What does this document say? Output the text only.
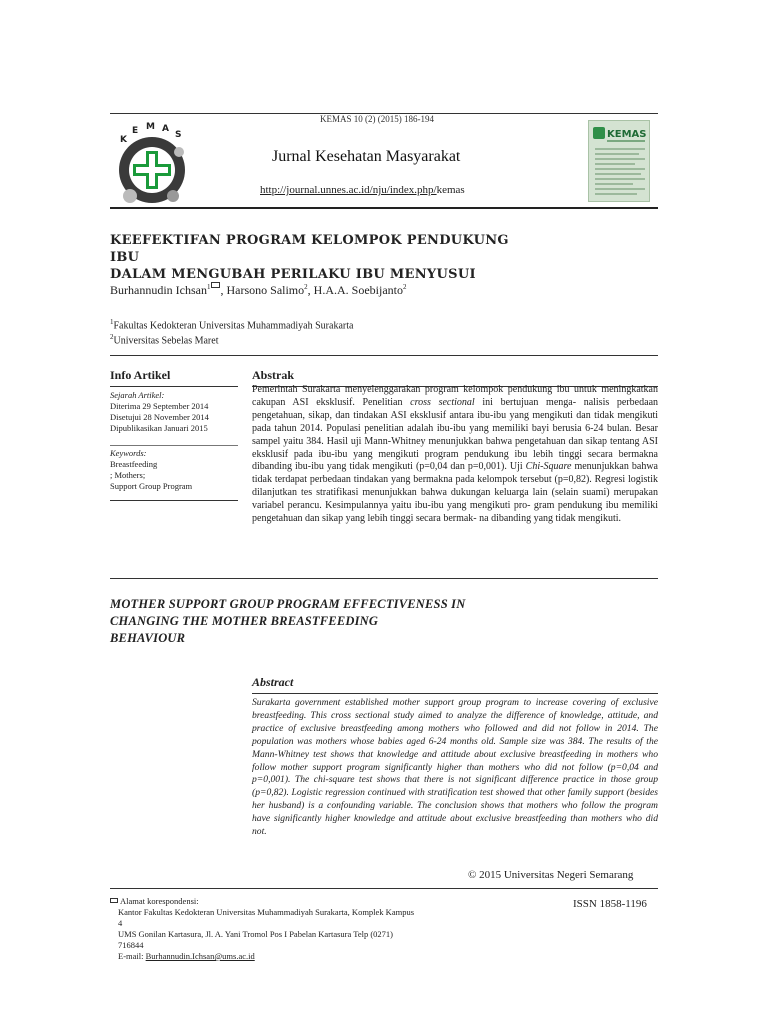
K E M A S
KEMAS 10 (2) (2015) 186-194
Jurnal Kesehatan Masyarakat
http://journal.unnes.ac.id/nju/index.php/kemas
KEMAS
KEEFEKTIFAN PROGRAM KELOMPOK PENDUKUNG IBU
DALAM MENGUBAH PERILAKU IBU MENYUSUI
Burhannudin Ichsan$^1$ , Harsono Salimo$^2$, H.A.A. Soebijanto$^2$
$^1$Fakultas Kedokteran Universitas Muhammadiyah Surakarta
$^2$Universitas Sebelas Maret
Info Artikel
Sejarah Artikel:
Diterima 29 September 2014
Disetujui 28 November 2014
Dipublikasikan Januari 2015
Keywords:
Breastfeeding
; Mothers;
Support Group Program
Abstrak
Pemerintah Surakarta menyelenggarakan program kelompok pendukung ibu untuk meningkatkan cakupan ASI eksklusif. Penelitian cross sectional ini bertujuan menga- nalisis perbedaan pengetahuan, sikap, dan tindakan ASI eksklusif antara ibu-ibu yang mengikuti dan tidak mengikuti pada tahun 2014. Populasi penelitian adalah ibu-ibu yang memiliki bayi berusia 6-24 bulan. Besar sampel yaitu 384. Hasil uji Mann-Whitney menunjukkan bahwa pengetahuan dan sikap tentang ASI eksklusif pada ibu-ibu yang mengikuti program pendukung ibu lebih tinggi secara bermakna dibanding ibu-ibu yang tidak mengikuti (p=0,04 dan p=0,001). Uji Chi-Square menunjukkan bahwa tidak terdapat perbedaan tindakan yang bermakna pada kelompok tersebut (p=0,82). Regresi logistik dilanjutkan tes stratifikasi menunjukkan bahwa dukungan keluarga lain (selain suami) merupakan variabel perancu. Kesimpulannya yaitu ibu-ibu yang mengikuti pro- gram pendukung ibu memiliki pengetahuan dan sikap yang lebih tinggi secara bermak- na dibanding yang tidak mengikuti.
MOTHER SUPPORT GROUP PROGRAM EFFECTIVENESS IN
CHANGING THE MOTHER BREASTFEEDING
BEHAVIOUR
Abstract
Surakarta government established mother support group program to increase covering of exclusive breastfeeding. This cross sectional study aimed to analyze the difference of knowledge, attitude, and practice of exclusive breastfeeding among mothers who followed and did not follow in 2014. The population was mothers whose babies aged 6-24 months old. Sample size was 384. The results of the Mann-Whitney test shows that knowledge and attitude about exclusive breastfeeding in mothers who follow mother support program significantly higher than mothers who did not follow (p=0,04 and p=0,001). The chi-square test shows that there is not significant difference practice in those group (p=0,82). Logistic regression continued with stratification test showed that other family support (besides her husband) is a confounding variable. The conclusion shows that mothers who follow the program have significantly higher knowledge and attitude about exclusive breastfeeding than mothers who did not.
© 2015 Universitas Negeri Semarang
Alamat korespondensi:
Kantor Fakultas Kedokteran Universitas Muhammadiyah Surakarta, Komplek Kampus
4
UMS Gonilan Kartasura, Jl. A. Yani Tromol Pos I Pabelan Kartasura Telp (0271)
716844
E-mail: Burhannudin.Ichsan@ums.ac.id
ISSN 1858-1196
